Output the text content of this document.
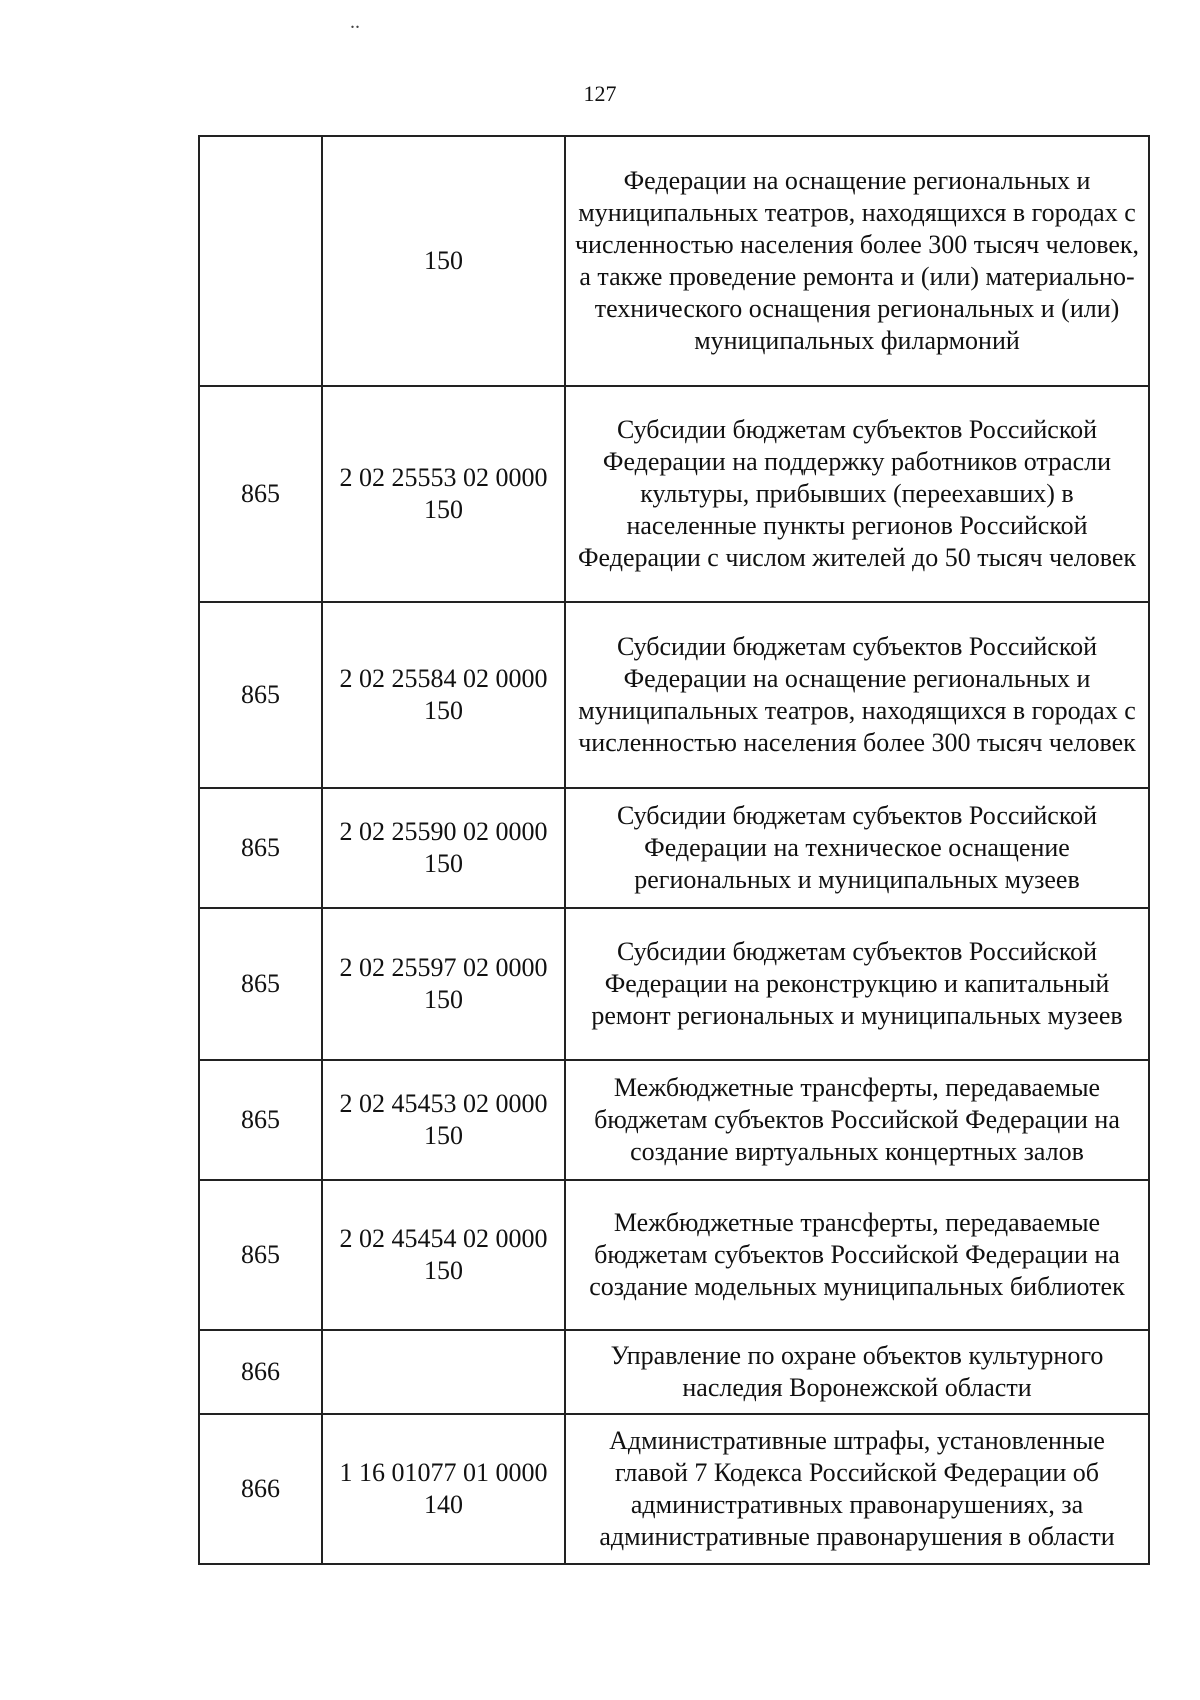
..
127
	150	Федерации на оснащение региональных и муниципальных театров, находящихся в городах с численностью населения более 300 тысяч человек, а также проведение ремонта и (или) материально-технического оснащения региональных и (или) муниципальных филармоний
865	2 02 25553 02 0000 150	Субсидии бюджетам субъектов Российской Федерации на поддержку работников отрасли культуры, прибывших (переехавших) в населенные пункты регионов Российской Федерации с числом жителей до 50 тысяч человек
865	2 02 25584 02 0000 150	Субсидии бюджетам субъектов Российской Федерации на оснащение региональных и муниципальных театров, находящихся в городах с численностью населения более 300 тысяч человек
865	2 02 25590 02 0000 150	Субсидии бюджетам субъектов Российской Федерации на техническое оснащение региональных и муниципальных музеев
865	2 02 25597 02 0000 150	Субсидии бюджетам субъектов Российской Федерации на реконструкцию и капитальный ремонт региональных и муниципальных музеев
865	2 02 45453 02 0000 150	Межбюджетные трансферты, передаваемые бюджетам субъектов Российской Федерации на создание виртуальных концертных залов
865	2 02 45454 02 0000 150	Межбюджетные трансферты, передаваемые бюджетам субъектов Российской Федерации на создание модельных муниципальных библиотек
866		Управление по охране объектов культурного наследия Воронежской области
866	1 16 01077 01 0000 140	Административные штрафы, установленные главой 7 Кодекса Российской Федерации об административных правонарушениях, за административные правонарушения в области
